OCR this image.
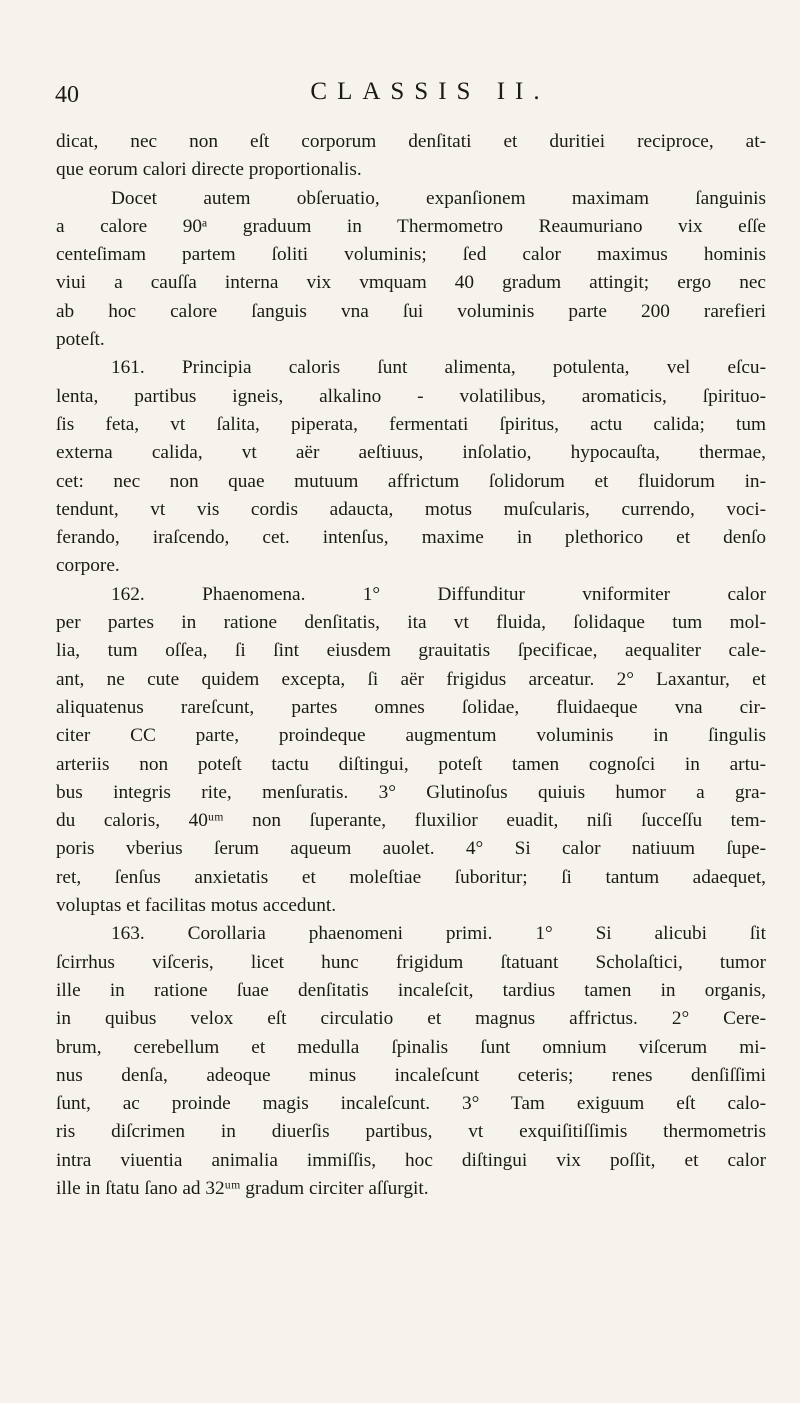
40	CLASSIS II.
dicat, nec non eſt corporum denſitati et duritiei reciproce, at-
que eorum calori directe proportionalis.
Docet autem obſeruatio, expanſionem maximam ſanguinis
a calore 90ᵃ graduum in Thermometro Reaumuriano vix eſſe
centeſimam partem ſoliti voluminis; ſed calor maximus hominis
viui a cauſſa interna vix vmquam 40 gradum attingit; ergo nec
ab hoc calore ſanguis vna ſui voluminis parte 200 rarefieri
poteſt.
161. Principia caloris ſunt alimenta, potulenta, vel eſcu-
lenta, partibus igneis, alkalino - volatilibus, aromaticis, ſpirituo-
ſis feta, vt ſalita, piperata, fermentati ſpiritus, actu calida; tum
externa calida, vt aër aeſtiuus, inſolatio, hypocauſta, thermae,
cet: nec non quae mutuum affrictum ſolidorum et fluidorum in-
tendunt, vt vis cordis adaucta, motus muſcularis, currendo, voci-
ferando, iraſcendo, cet. intenſus, maxime in plethorico et denſo
corpore.
162. Phaenomena. 1° Diffunditur vniformiter calor
per partes in ratione denſitatis, ita vt fluida, ſolidaque tum mol-
lia, tum oſſea, ſi ſint eiusdem grauitatis ſpecificae, aequaliter cale-
ant, ne cute quidem excepta, ſi aër frigidus arceatur. 2° Laxantur, et
aliquatenus rareſcunt, partes omnes ſolidae, fluidaeque vna cir-
citer CC parte, proindeque augmentum voluminis in ſingulis
arteriis non poteſt tactu diſtingui, poteſt tamen cognoſci in artu-
bus integris rite, menſuratis. 3° Glutinoſus quiuis humor a gra-
du caloris, 40ᵘᵐ non ſuperante, fluxilior euadit, niſi ſucceſſu tem-
poris vberius ſerum aqueum auolet. 4° Si calor natiuum ſupe-
ret, ſenſus anxietatis et moleſtiae ſuboritur; ſi tantum adaequet,
voluptas et facilitas motus accedunt.
163. Corollaria phaenomeni primi. 1° Si alicubi ſit
ſcirrhus viſceris, licet hunc frigidum ſtatuant Scholaſtici, tumor
ille in ratione ſuae denſitatis incaleſcit, tardius tamen in organis,
in quibus velox eſt circulatio et magnus affrictus. 2° Cere-
brum, cerebellum et medulla ſpinalis ſunt omnium viſcerum mi-
nus denſa, adeoque minus incaleſcunt ceteris; renes denſiſſimi
ſunt, ac proinde magis incaleſcunt. 3° Tam exiguum eſt calo-
ris diſcrimen in diuerſis partibus, vt exquiſitiſſimis thermometris
intra viuentia animalia immiſſis, hoc diſtingui vix poſſit, et calor
ille in ſtatu ſano ad 32ᵘᵐ gradum circiter aſſurgit.
